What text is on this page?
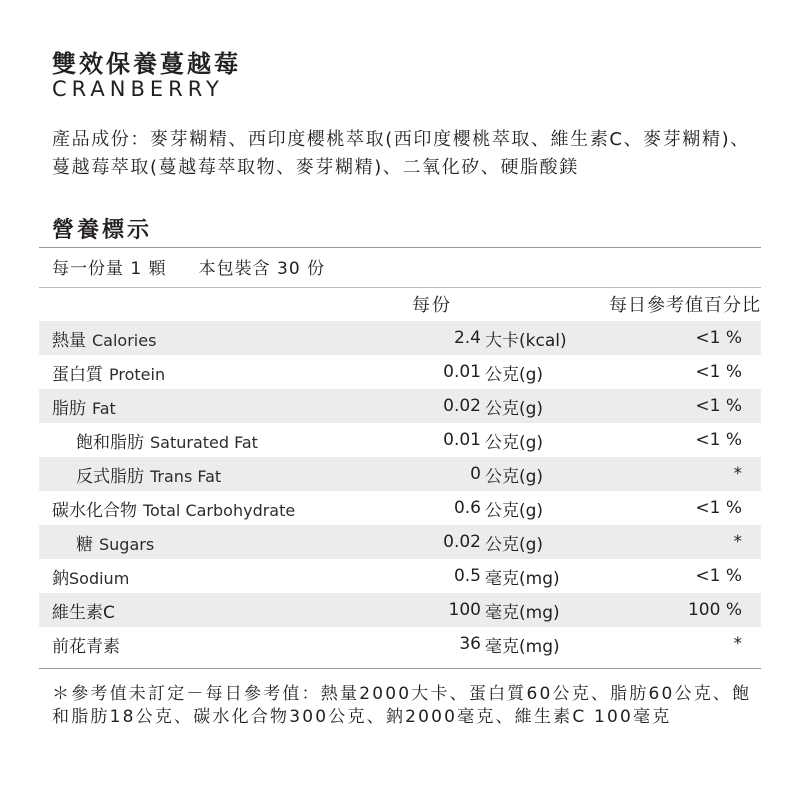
雙效保養蔓越莓
CRANBERRY

產品成份：麥芽糊精、西印度櫻桃萃取(西印度櫻桃萃取、維生素C、麥芽糊精)、蔓越莓萃取(蔓越莓萃取物、麥芽糊精)、二氧化矽、硬脂酸鎂

營養標示
每一份量 1 顆 本包裝含 30 份
每份	每日參考值百分比
熱量 Calories	2.4	大卡(kcal)	<1 %
蛋白質 Protein	0.01	公克(g)	<1 %
脂肪 Fat	0.02	公克(g)	<1 %
飽和脂肪 Saturated Fat	0.01	公克(g)	<1 %
反式脂肪 Trans Fat	0	公克(g)	*
碳水化合物 Total Carbohydrate	0.6	公克(g)	<1 %
糖 Sugars	0.02	公克(g)	*
鈉Sodium	0.5	毫克(mg)	<1 %
維生素C	100	毫克(mg)	100 %
前花青素	36	毫克(mg)	*

＊參考值未訂定－每日參考值：熱量2000大卡、蛋白質60公克、脂肪60公克、飽和脂肪18公克、碳水化合物300公克、鈉2000毫克、維生素C 100毫克
